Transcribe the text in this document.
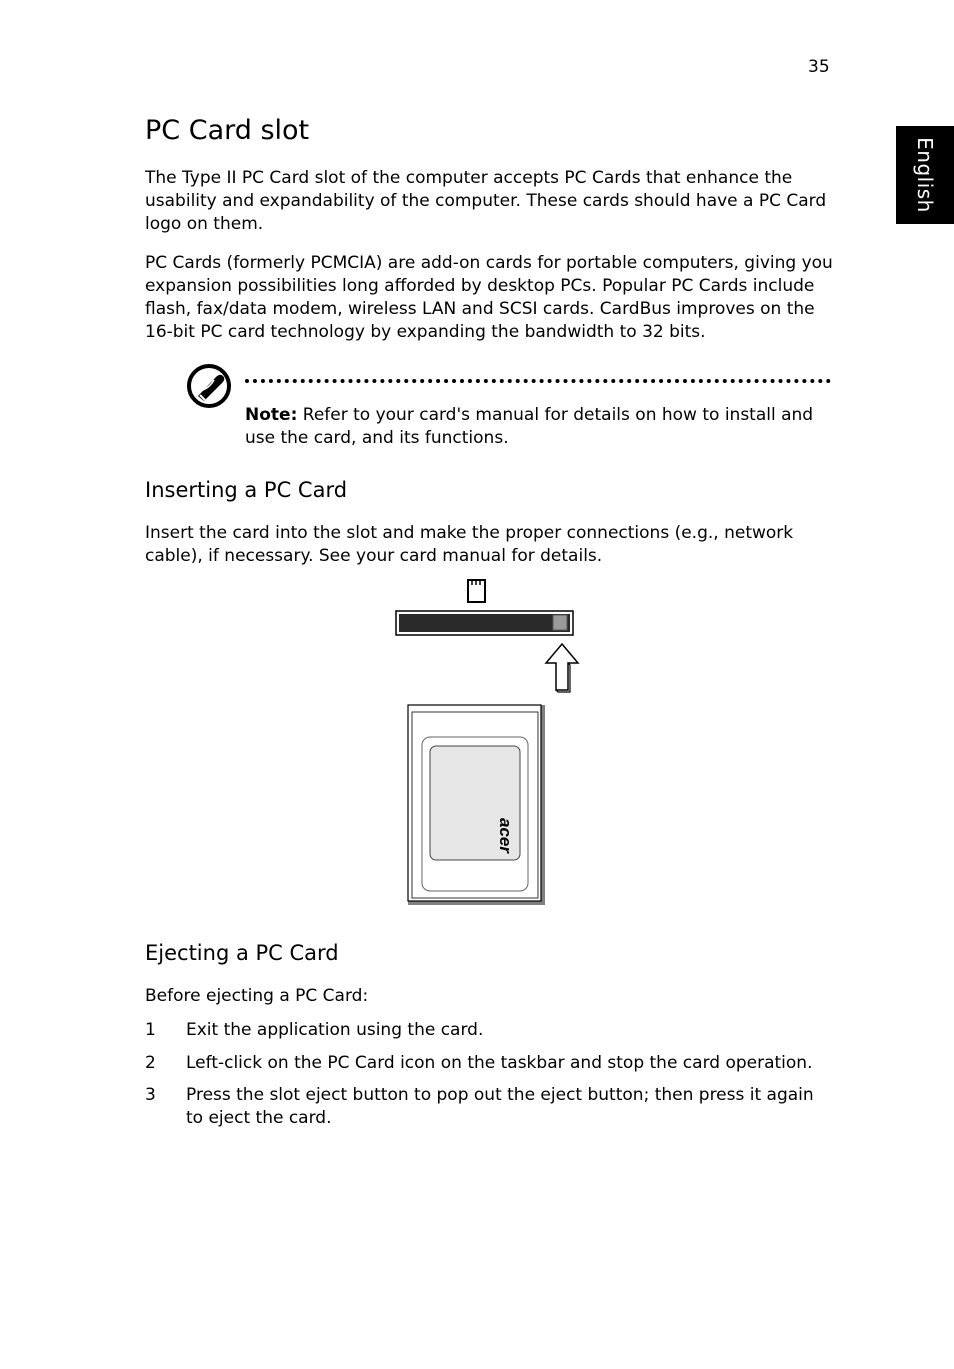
35
English
PC Card slot

The Type II PC Card slot of the computer accepts PC Cards that enhance the usability and expandability of the computer. These cards should have a PC Card logo on them.

PC Cards (formerly PCMCIA) are add-on cards for portable computers, giving you expansion possibilities long afforded by desktop PCs. Popular PC Cards include flash, fax/data modem, wireless LAN and SCSI cards. CardBus improves on the 16-bit PC card technology by expanding the bandwidth to 32 bits.

Note: Refer to your card's manual for details on how to install and use the card, and its functions.

Inserting a PC Card

Insert the card into the slot and make the proper connections (e.g., network cable), if necessary. See your card manual for details.

acer
Ejecting a PC Card

Before ejecting a PC Card:

1 Exit the application using the card.
2 Left-click on the PC Card icon on the taskbar and stop the card operation.
3 Press the slot eject button to pop out the eject button; then press it again to eject the card.
